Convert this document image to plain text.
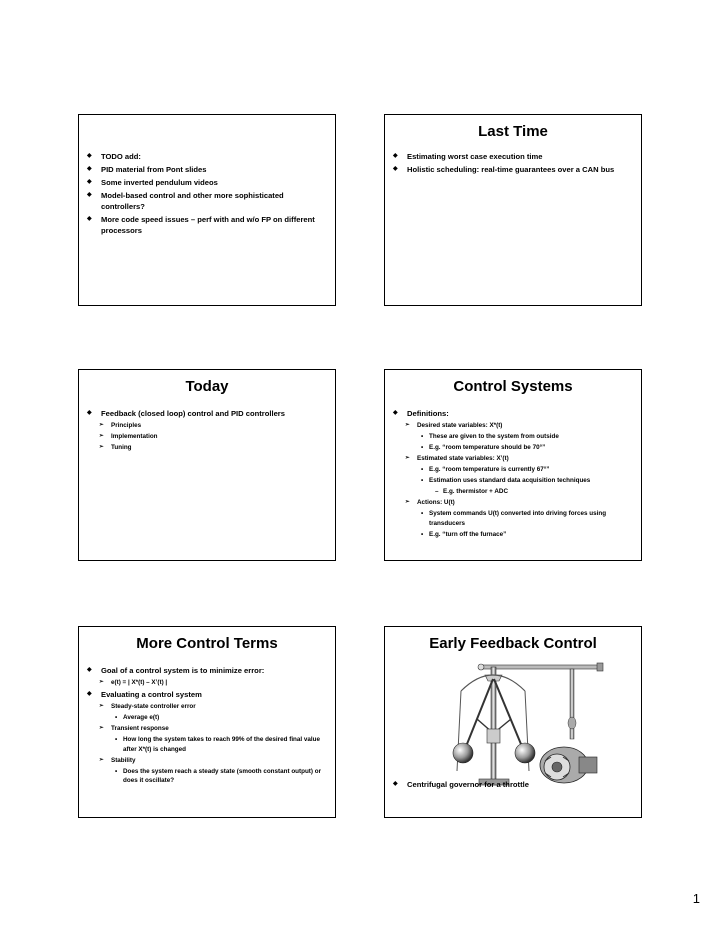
◆ TODO add:
◆ PID material from Pont slides
◆ Some inverted pendulum videos
◆ Model-based control and other more sophisticated controllers?
◆ More code speed issues – perf with and w/o FP on different processors
Last Time
◆ Estimating worst case execution time
◆ Holistic scheduling: real-time guarantees over a CAN bus
Today
◆ Feedback (closed loop) control and PID controllers
➢ Principles
➢ Implementation
➢ Tuning
Control Systems
◆ Definitions:
➢ Desired state variables: X*(t)
• These are given to the system from outside
• E.g. “room temperature should be 70°”
➢ Estimated state variables: X’(t)
• E.g. “room temperature is currently 67°”
• Estimation uses standard data acquisition techniques
– E.g. thermistor + ADC
➢ Actions: U(t)
• System commands U(t) converted into driving forces using transducers
• E.g. “turn off the furnace”
More Control Terms
◆ Goal of a control system is to minimize error:
➢ e(t) = | X*(t) – X’(t) |
◆ Evaluating a control system
➢ Steady-state controller error
• Average e(t)
➢ Transient response
• How long the system takes to reach 99% of the desired final value after X*(t) is changed
➢ Stability
• Does the system reach a steady state (smooth constant output) or does it oscillate?
Early Feedback Control
◆ Centrifugal governor for a throttle
1
